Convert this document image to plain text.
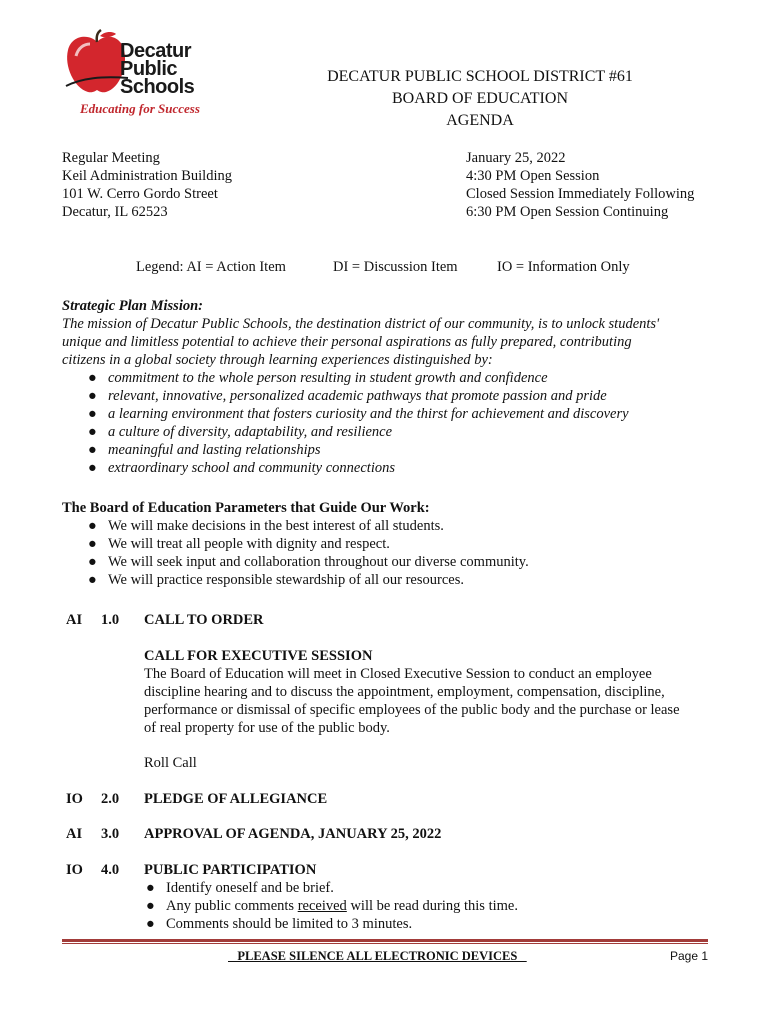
Decatur
Public
Schools
Educating for Success
DECATUR PUBLIC SCHOOL DISTRICT #61
BOARD OF EDUCATION
AGENDA
Regular Meeting
Keil Administration Building
101 W. Cerro Gordo Street
Decatur, IL 62523
January 25, 2022
4:30 PM Open Session
Closed Session Immediately Following
6:30 PM Open Session Continuing
Legend: AI = Action Item	DI = Discussion Item	IO = Information Only
Strategic Plan Mission:
The mission of Decatur Public Schools, the destination district of our community, is to unlock students'
unique and limitless potential to achieve their personal aspirations as fully prepared, contributing
citizens in a global society through learning experiences distinguished by:
● commitment to the whole person resulting in student growth and confidence
● relevant, innovative, personalized academic pathways that promote passion and pride
● a learning environment that fosters curiosity and the thirst for achievement and discovery
● a culture of diversity, adaptability, and resilience
● meaningful and lasting relationships
● extraordinary school and community connections
The Board of Education Parameters that Guide Our Work:
● We will make decisions in the best interest of all students.
● We will treat all people with dignity and respect.
● We will seek input and collaboration throughout our diverse community.
● We will practice responsible stewardship of all our resources.
AI 1.0 CALL TO ORDER
CALL FOR EXECUTIVE SESSION
The Board of Education will meet in Closed Executive Session to conduct an employee
discipline hearing and to discuss the appointment, employment, compensation, discipline,
performance or dismissal of specific employees of the public body and the purchase or lease
of real property for use of the public body.
Roll Call
IO 2.0 PLEDGE OF ALLEGIANCE
AI 3.0 APPROVAL OF AGENDA, JANUARY 25, 2022
IO 4.0 PUBLIC PARTICIPATION
● Identify oneself and be brief.
● Any public comments received will be read during this time.
● Comments should be limited to 3 minutes.
PLEASE SILENCE ALL ELECTRONIC DEVICES	Page 1
